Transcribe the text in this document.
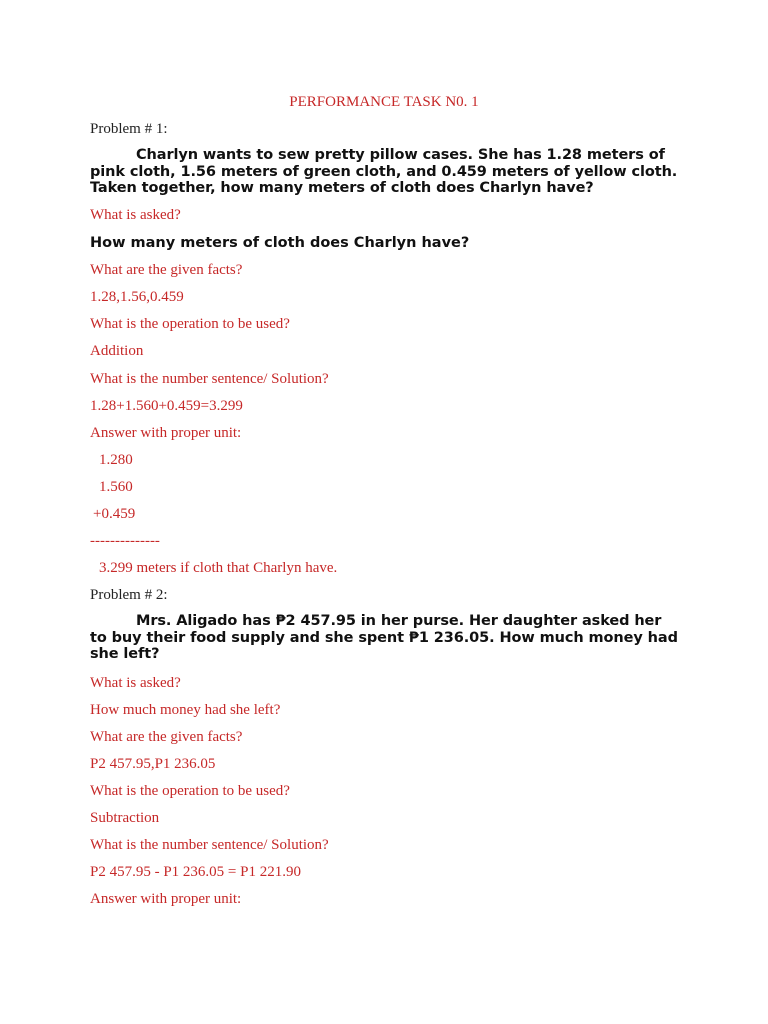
PERFORMANCE TASK N0. 1

Problem # 1:

Charlyn wants to sew pretty pillow cases. She has 1.28 meters of pink cloth, 1.56 meters of green cloth, and 0.459 meters of yellow cloth. Taken together, how many meters of cloth does Charlyn have?

What is asked?

How many meters of cloth does Charlyn have?

What are the given facts?

1.28,1.56,0.459

What is the operation to be used?

Addition

What is the number sentence/ Solution?

1.28+1.560+0.459=3.299

Answer with proper unit:

1.280

1.560

+0.459

--------------

3.299 meters if cloth that Charlyn have.

Problem # 2:

Mrs. Aligado has ₱2 457.95 in her purse. Her daughter asked her to buy their food supply and she spent ₱1 236.05. How much money had she left?

What is asked?

How much money had she left?

What are the given facts?

P2 457.95,P1 236.05

What is the operation to be used?

Subtraction

What is the number sentence/ Solution?

P2 457.95 - P1 236.05 = P1 221.90

Answer with proper unit:
